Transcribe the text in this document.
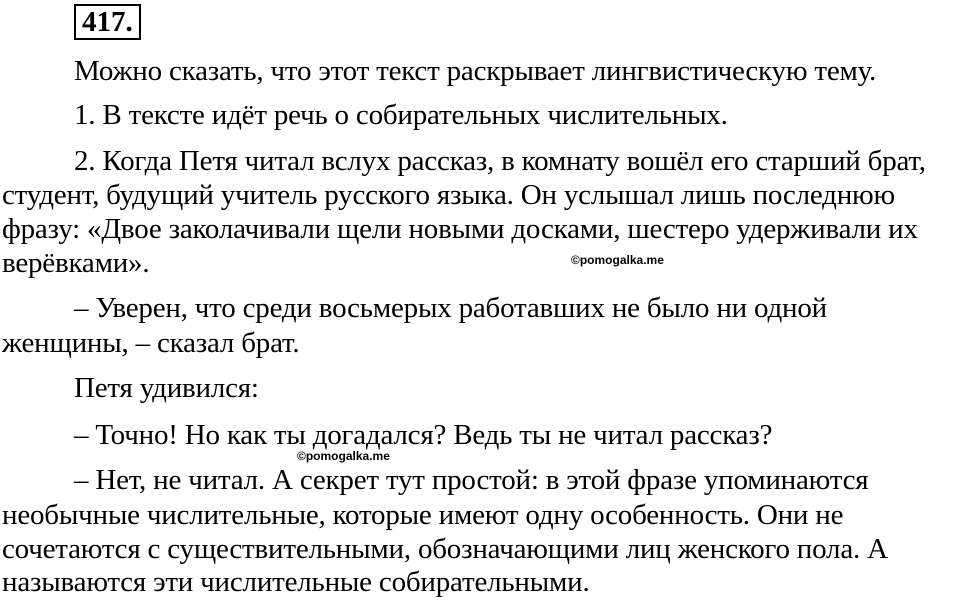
417.

Можно сказать, что этот текст раскрывает лингвистическую тему.

1. В тексте идёт речь о собирательных числительных.

2. Когда Петя читал вслух рассказ, в комнату вошёл его старший брат,

студент, будущий учитель русского языка. Он услышал лишь последнюю

фразу: «Двое заколачивали щели новыми досками, шестеро удерживали их

верёвками».	©pomogalka.me

– Уверен, что среди восьмерых работавших не было ни одной

женщины, – сказал брат.

Петя удивился:

– Точно! Но как ты догадался? Ведь ты не читал рассказ?

©pomogalka.me

– Нет, не читал. А секрет тут простой: в этой фразе упоминаются

необычные числительные, которые имеют одну особенность. Они не

сочетаются с существительными, обозначающими лиц женского пола. А

называются эти числительные собирательными.
